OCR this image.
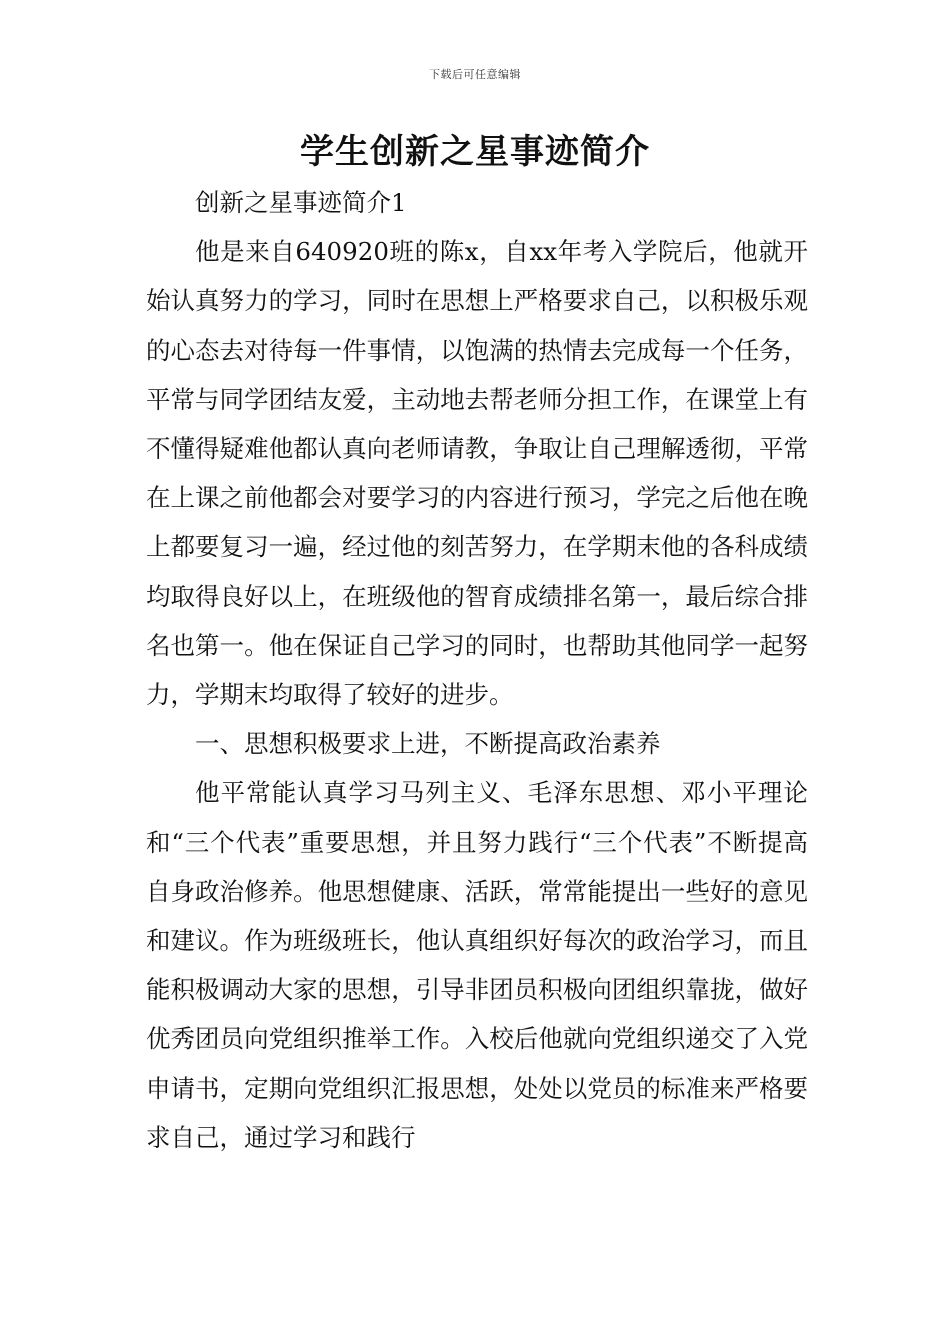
下载后可任意编辑
学生创新之星事迹简介

创新之星事迹简介1

他是来自640920班的陈x，自xx年考入学院后，他就开始认真努力的学习，同时在思想上严格要求自己，以积极乐观的心态去对待每一件事情，以饱满的热情去完成每一个任务，平常与同学团结友爱，主动地去帮老师分担工作，在课堂上有不懂得疑难他都认真向老师请教，争取让自己理解透彻，平常在上课之前他都会对要学习的内容进行预习，学完之后他在晚上都要复习一遍，经过他的刻苦努力，在学期末他的各科成绩均取得良好以上，在班级他的智育成绩排名第一，最后综合排名也第一。他在保证自己学习的同时，也帮助其他同学一起努力，学期末均取得了较好的进步。

一、思想积极要求上进，不断提高政治素养

他平常能认真学习马列主义、毛泽东思想、邓小平理论和“三个代表”重要思想，并且努力践行“三个代表”不断提高自身政治修养。他思想健康、活跃，常常能提出一些好的意见和建议。作为班级班长，他认真组织好每次的政治学习，而且能积极调动大家的思想，引导非团员积极向团组织靠拢，做好优秀团员向党组织推举工作。入校后他就向党组织递交了入党申请书，定期向党组织汇报思想，处处以党员的标准来严格要求自己，通过学习和践行
